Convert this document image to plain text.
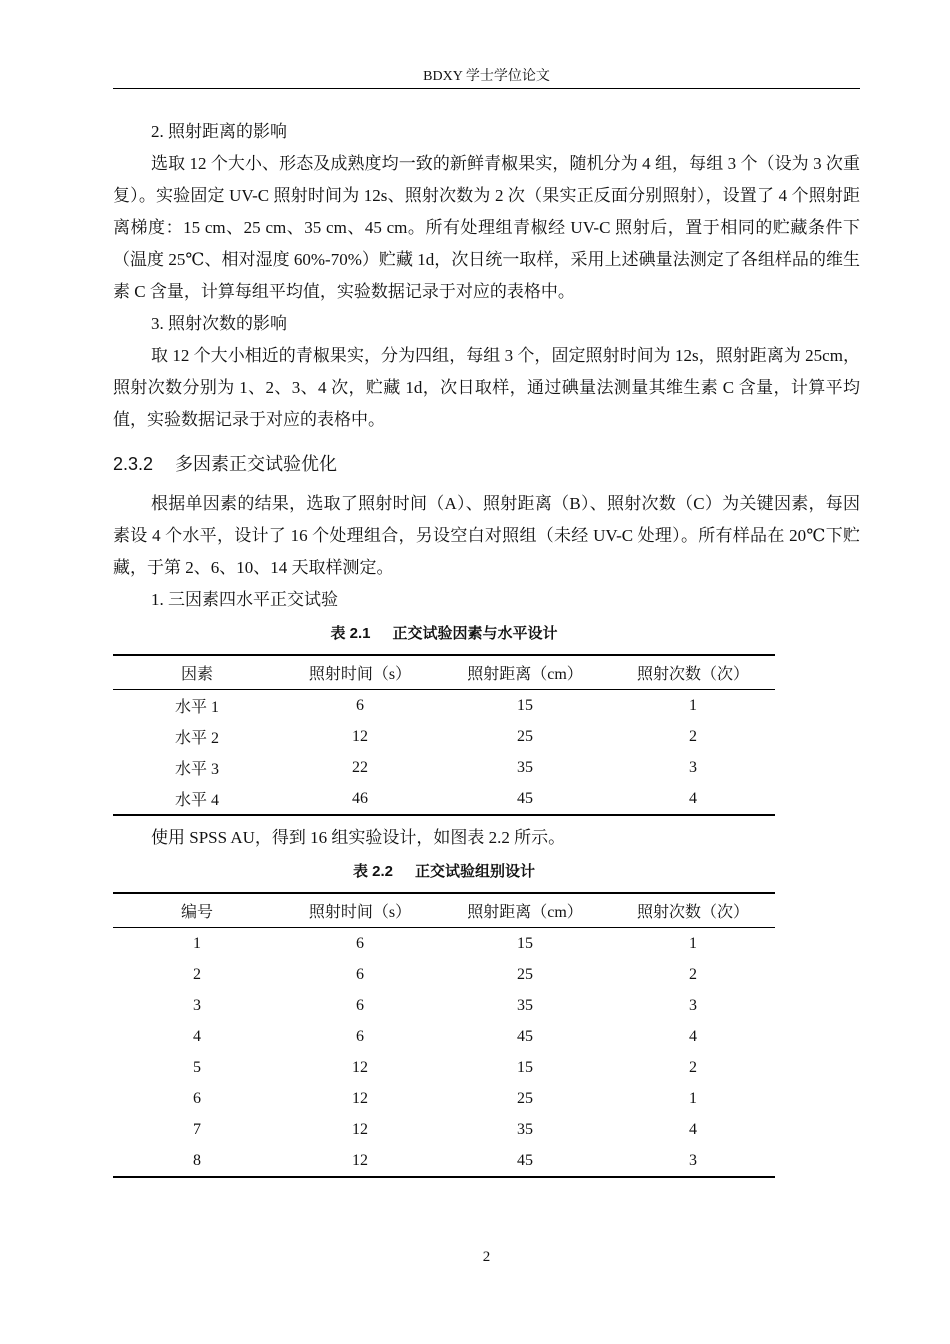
BDXY 学士学位论文

2. 照射距离的影响

选取 12 个大小、形态及成熟度均一致的新鲜青椒果实，随机分为 4 组，每组 3 个（设为 3 次重复）。实验固定 UV-C 照射时间为 12s、照射次数为 2 次（果实正反面分别照射），设置了 4 个照射距离梯度：15 cm、25 cm、35 cm、45 cm。所有处理组青椒经 UV-C 照射后，置于相同的贮藏条件下（温度 25℃、相对湿度 60%-70%）贮藏 1d，次日统一取样，采用上述碘量法测定了各组样品的维生素 C 含量，计算每组平均值，实验数据记录于对应的表格中。

3. 照射次数的影响

取 12 个大小相近的青椒果实，分为四组，每组 3 个，固定照射时间为 12s，照射距离为 25cm，照射次数分别为 1、2、3、4 次，贮藏 1d，次日取样，通过碘量法测量其维生素 C 含量，计算平均值，实验数据记录于对应的表格中。

2.3.2 多因素正交试验优化

根据单因素的结果，选取了照射时间（A）、照射距离（B）、照射次数（C）为关键因素，每因素设 4 个水平，设计了 16 个处理组合，另设空白对照组（未经 UV-C 处理）。所有样品在 20℃下贮藏，于第 2、6、10、14 天取样测定。

1. 三因素四水平正交试验

表 2.1 正交试验因素与水平设计
因素	照射时间（s）	照射距离（cm）	照射次数（次）
水平 1	6	15	1
水平 2	12	25	2
水平 3	22	35	3
水平 4	46	45	4

使用 SPSS AU，得到 16 组实验设计，如图表 2.2 所示。

表 2.2 正交试验组别设计
编号	照射时间（s）	照射距离（cm）	照射次数（次）
1	6	15	1
2	6	25	2
3	6	35	3
4	6	45	4
5	12	15	2
6	12	25	1
7	12	35	4
8	12	45	3
2
